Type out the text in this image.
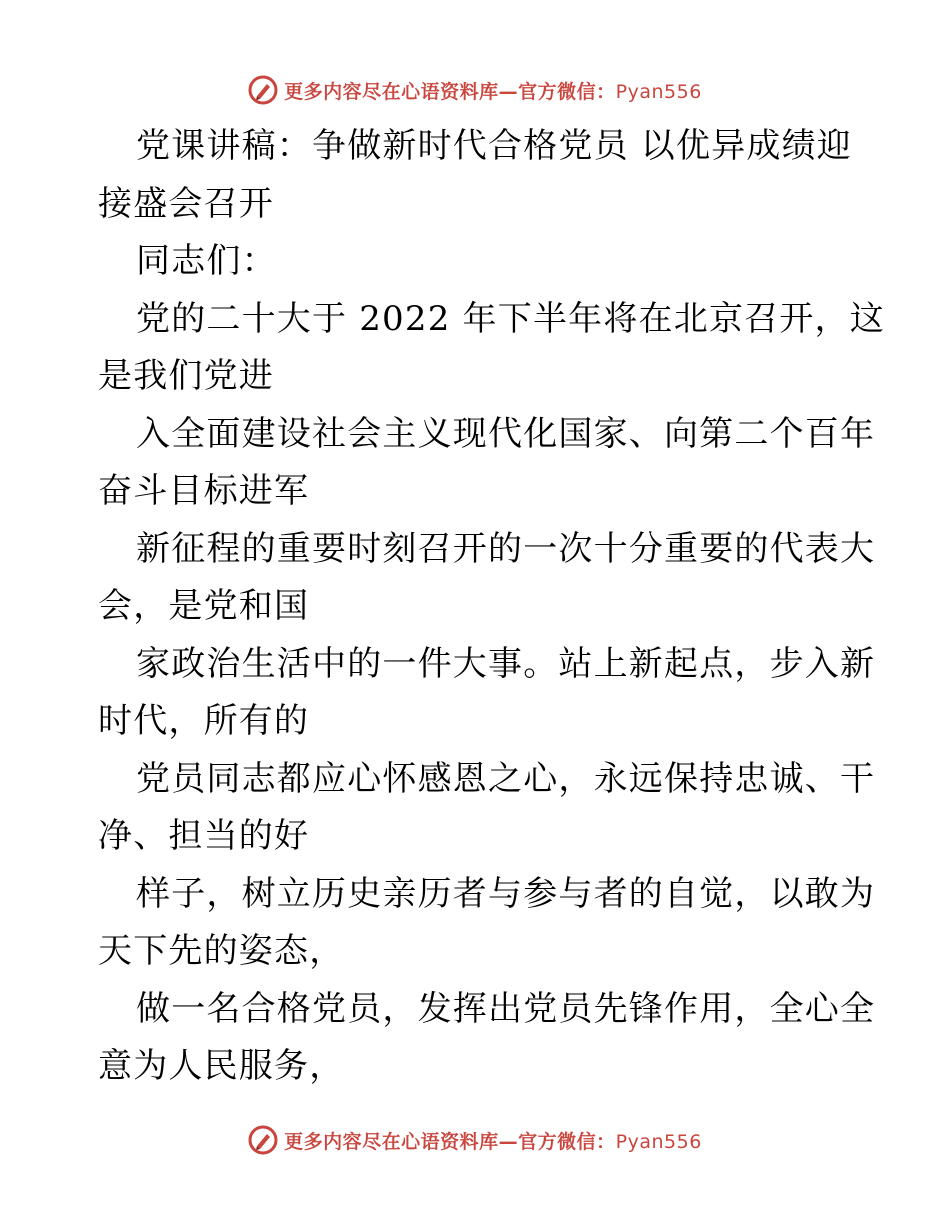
更多内容尽在心语资料库—官方微信：Pyan556

党课讲稿：争做新时代合格党员 以优异成绩迎
接盛会召开

同志们：

党的二十大于 2022 年下半年将在北京召开，这
是我们党进

入全面建设社会主义现代化国家、向第二个百年
奋斗目标进军

新征程的重要时刻召开的一次十分重要的代表大
会，是党和国

家政治生活中的一件大事。站上新起点，步入新
时代，所有的

党员同志都应心怀感恩之心，永远保持忠诚、干
净、担当的好

样子，树立历史亲历者与参与者的自觉，以敢为
天下先的姿态，

做一名合格党员，发挥出党员先锋作用，全心全
意为人民服务，

更多内容尽在心语资料库—官方微信：Pyan556
